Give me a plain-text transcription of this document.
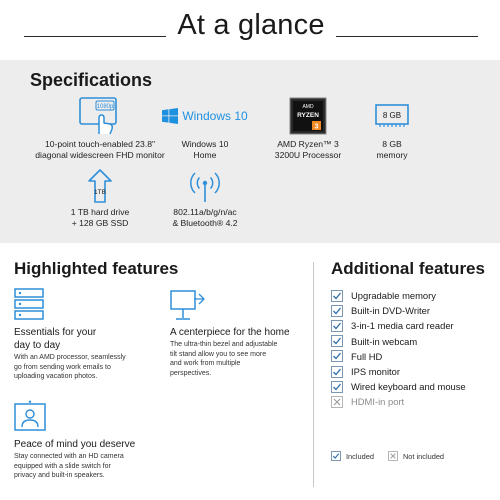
At a glance
Specifications
1080p
10-point touch-enabled 23.8"
diagonal widescreen FHD monitor
Windows 10
Windows 10
Home
AMD
RYZEN
3
AMD Ryzen™ 3
3200U Processor
8 GB
8 GB
memory
1TB
1 TB hard drive
+ 128 GB SSD
802.11a/b/g/n/ac
& Bluetooth® 4.2
Highlighted features
Essentials for your
day to day
With an AMD processor, seamlessly
go from sending work emails to
uploading vacation photos.
A centerpiece for the home
The ultra-thin bezel and adjustable
tilt stand allow you to see more
and work from multiple
perspectives.
Peace of mind you deserve
Stay connected with an HD camera
equipped with a slide switch for
privacy and built-in speakers.
Additional features
Upgradable memory
Built-in DVD-Writer
3-in-1 media card reader
Built-in webcam
Full HD
IPS monitor
Wired keyboard and mouse
HDMI-in port
Included	Not included
